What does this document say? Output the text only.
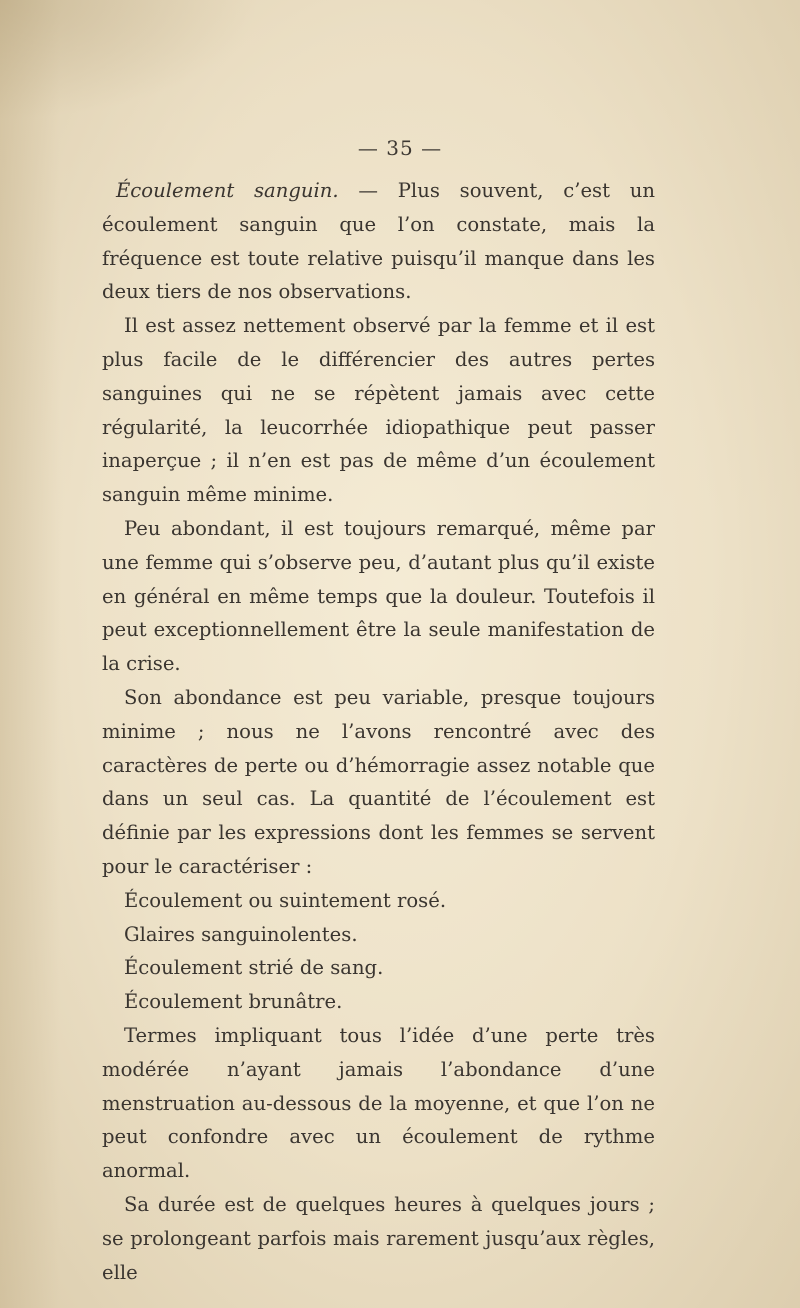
— 35 —

Écoulement sanguin. — Plus souvent, c’est un écoulement sanguin que l’on constate, mais la fréquence est toute relative puisqu’il manque dans les deux tiers de nos observations.

Il est assez nettement observé par la femme et il est plus facile de le différencier des autres pertes sanguines qui ne se répètent jamais avec cette régularité, la leucorrhée idiopathique peut passer inaperçue ; il n’en est pas de même d’un écoulement sanguin même minime.

Peu abondant, il est toujours remarqué, même par une femme qui s’observe peu, d’autant plus qu’il existe en général en même temps que la douleur. Toutefois il peut exceptionnellement être la seule manifestation de la crise.

Son abondance est peu variable, presque toujours minime ; nous ne l’avons rencontré avec des caractères de perte ou d’hémorragie assez notable que dans un seul cas. La quantité de l’écoulement est définie par les expressions dont les femmes se servent pour le caractériser :

Écoulement ou suintement rosé.

Glaires sanguinolentes.

Écoulement strié de sang.

Écoulement brunâtre.

Termes impliquant tous l’idée d’une perte très modérée n’ayant jamais l’abondance d’une menstruation au-dessous de la moyenne, et que l’on ne peut confondre avec un écoulement de rythme anormal.

Sa durée est de quelques heures à quelques jours ; se prolongeant parfois mais rarement jusqu’aux règles, elle
